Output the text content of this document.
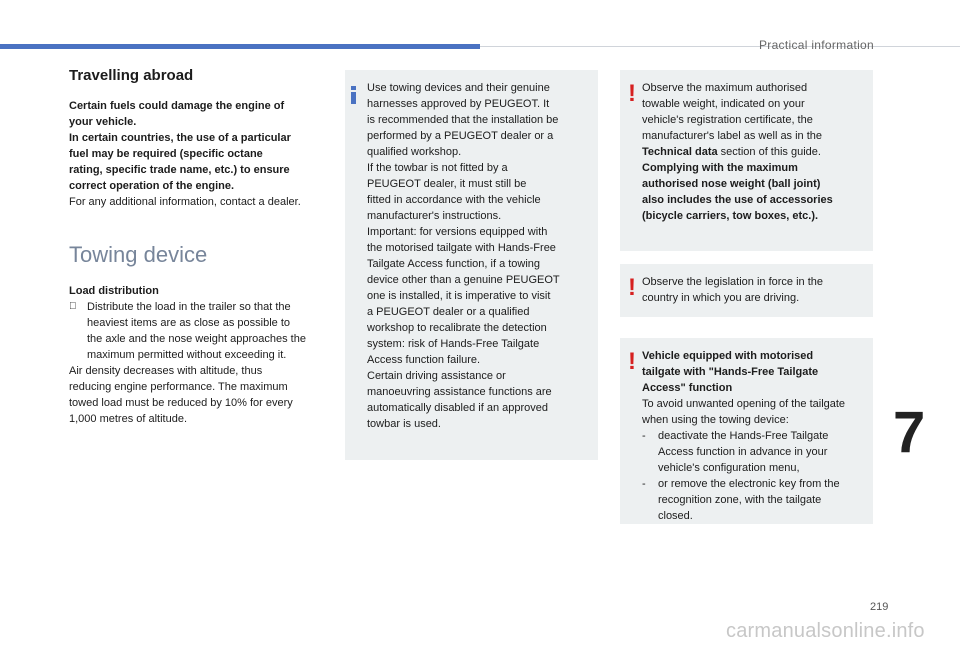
Practical information
7
219
carmanualsonline.info
Travelling abroad

Certain fuels could damage the engine of

your vehicle.

In certain countries, the use of a particular

fuel may be required (specific octane

rating, specific trade name, etc.) to ensure

correct operation of the engine.

For any additional information, contact a dealer.

Towing device

Load distribution

Distribute the load in the trailer so that the

heaviest items are as close as possible to

the axle and the nose weight approaches the

maximum permitted without exceeding it.

Air density decreases with altitude, thus

reducing engine performance. The maximum

towed load must be reduced by 10% for every

1,000 metres of altitude.

Use towing devices and their genuine

harnesses approved by PEUGEOT. It

is recommended that the installation be

performed by a PEUGEOT dealer or a

qualified workshop.

If the towbar is not fitted by a

PEUGEOT dealer, it must still be

fitted in accordance with the vehicle

manufacturer's instructions.

Important: for versions equipped with

the motorised tailgate with Hands-Free

Tailgate Access function, if a towing

device other than a genuine PEUGEOT

one is installed, it is imperative to visit

a PEUGEOT dealer or a qualified

workshop to recalibrate the detection

system: risk of Hands-Free Tailgate

Access function failure.

Certain driving assistance or

manoeuvring assistance functions are

automatically disabled if an approved

towbar is used.

! Observe the maximum authorised

towable weight, indicated on your

vehicle's registration certificate, the

manufacturer's label as well as in the

Technical data section of this guide.

Complying with the maximum

authorised nose weight (ball joint)

also includes the use of accessories

(bicycle carriers, tow boxes, etc.).

! Observe the legislation in force in the

country in which you are driving.

! Vehicle equipped with motorised

tailgate with "Hands-Free Tailgate

Access" function

To avoid unwanted opening of the tailgate

when using the towing device:

-	deactivate the Hands-Free Tailgate

Access function in advance in your

vehicle's configuration menu,

-	or remove the electronic key from the

recognition zone, with the tailgate

closed.
